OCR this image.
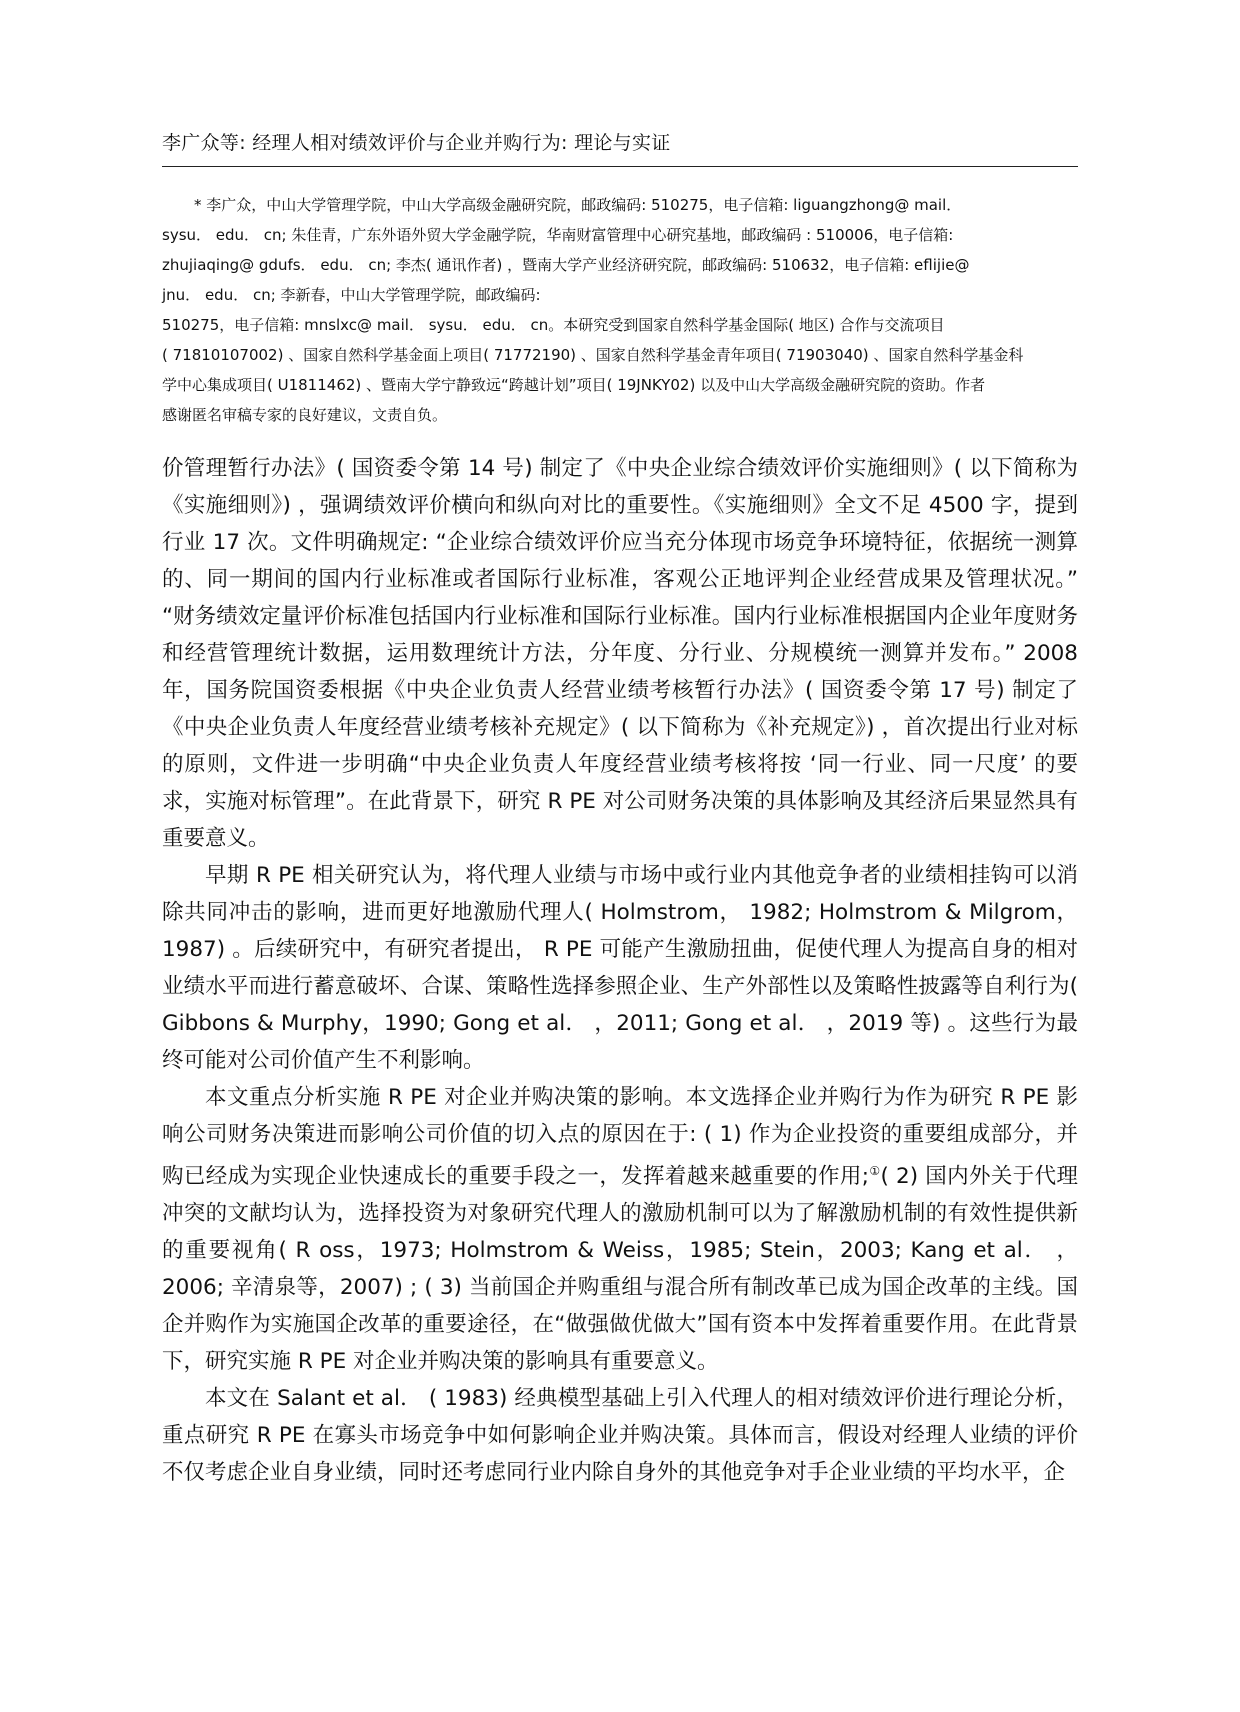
李广众等: 经理人相对绩效评价与企业并购行为: 理论与实证
* 李广众，中山大学管理学院，中山大学高级金融研究院，邮政编码: 510275，电子信箱: liguangzhong@ mail．
sysu． edu． cn; 朱佳青，广东外语外贸大学金融学院，华南财富管理中心研究基地，邮政编码 : 510006，电子信箱:
zhujiaqing@ gdufs． edu． cn; 李杰( 通讯作者) ，暨南大学产业经济研究院，邮政编码: 510632，电子信箱: eflijie@
jnu． edu． cn; 李新春，中山大学管理学院，邮政编码:
510275，电子信箱: mnslxc@ mail． sysu． edu． cn。本研究受到国家自然科学基金国际( 地区) 合作与交流项目
( 71810107002) 、国家自然科学基金面上项目( 71772190) 、国家自然科学基金青年项目( 71903040) 、国家自然科学基金科
学中心集成项目( U1811462) 、暨南大学宁静致远“跨越计划”项目( 19JNKY02) 以及中山大学高级金融研究院的资助。作者
感谢匿名审稿专家的良好建议，文责自负。

价管理暂行办法》( 国资委令第 14 号) 制定了《中央企业综合绩效评价实施细则》( 以下简称为《实施细则》) ，强调绩效评价横向和纵向对比的重要性。《实施细则》全文不足 4500 字，提到行业 17 次。文件明确规定: “企业综合绩效评价应当充分体现市场竞争环境特征，依据统一测算的、同一期间的国内行业标准或者国际行业标准，客观公正地评判企业经营成果及管理状况。” “财务绩效定量评价标准包括国内行业标准和国际行业标准。国内行业标准根据国内企业年度财务和经营管理统计数据，运用数理统计方法，分年度、分行业、分规模统一测算并发布。” 2008 年，国务院国资委根据《中央企业负责人经营业绩考核暂行办法》( 国资委令第 17 号) 制定了《中央企业负责人年度经营业绩考核补充规定》( 以下简称为《补充规定》) ，首次提出行业对标的原则，文件进一步明确“中央企业负责人年度经营业绩考核将按 ‘同一行业、同一尺度’ 的要求，实施对标管理”。在此背景下，研究 R PE 对公司财务决策的具体影响及其经济后果显然具有重要意义。

早期 R PE 相关研究认为，将代理人业绩与市场中或行业内其他竞争者的业绩相挂钩可以消除共同冲击的影响，进而更好地激励代理人( Holmstrom， 1982; Holmstrom & Milgrom，1987) 。后续研究中，有研究者提出， R PE 可能产生激励扭曲，促使代理人为提高自身的相对业绩水平而进行蓄意破坏、合谋、策略性选择参照企业、生产外部性以及策略性披露等自利行为( Gibbons & Murphy，1990; Gong et al． ，2011; Gong et al． ，2019 等) 。这些行为最终可能对公司价值产生不利影响。

本文重点分析实施 R PE 对企业并购决策的影响。本文选择企业并购行为作为研究 R PE 影响公司财务决策进而影响公司价值的切入点的原因在于: ( 1) 作为企业投资的重要组成部分，并购已经成为实现企业快速成长的重要手段之一，发挥着越来越重要的作用;①( 2) 国内外关于代理冲突的文献均认为，选择投资为对象研究代理人的激励机制可以为了解激励机制的有效性提供新的重要视角( R oss，1973; Holmstrom & Weiss，1985; Stein，2003; Kang et al． ，2006; 辛清泉等，2007) ; ( 3) 当前国企并购重组与混合所有制改革已成为国企改革的主线。国企并购作为实施国企改革的重要途径，在“做强做优做大”国有资本中发挥着重要作用。在此背景下，研究实施 R PE 对企业并购决策的影响具有重要意义。

本文在 Salant et al． ( 1983) 经典模型基础上引入代理人的相对绩效评价进行理论分析，重点研究 R PE 在寡头市场竞争中如何影响企业并购决策。具体而言，假设对经理人业绩的评价不仅考虑企业自身业绩，同时还考虑同行业内除自身外的其他竞争对手企业业绩的平均水平，企
